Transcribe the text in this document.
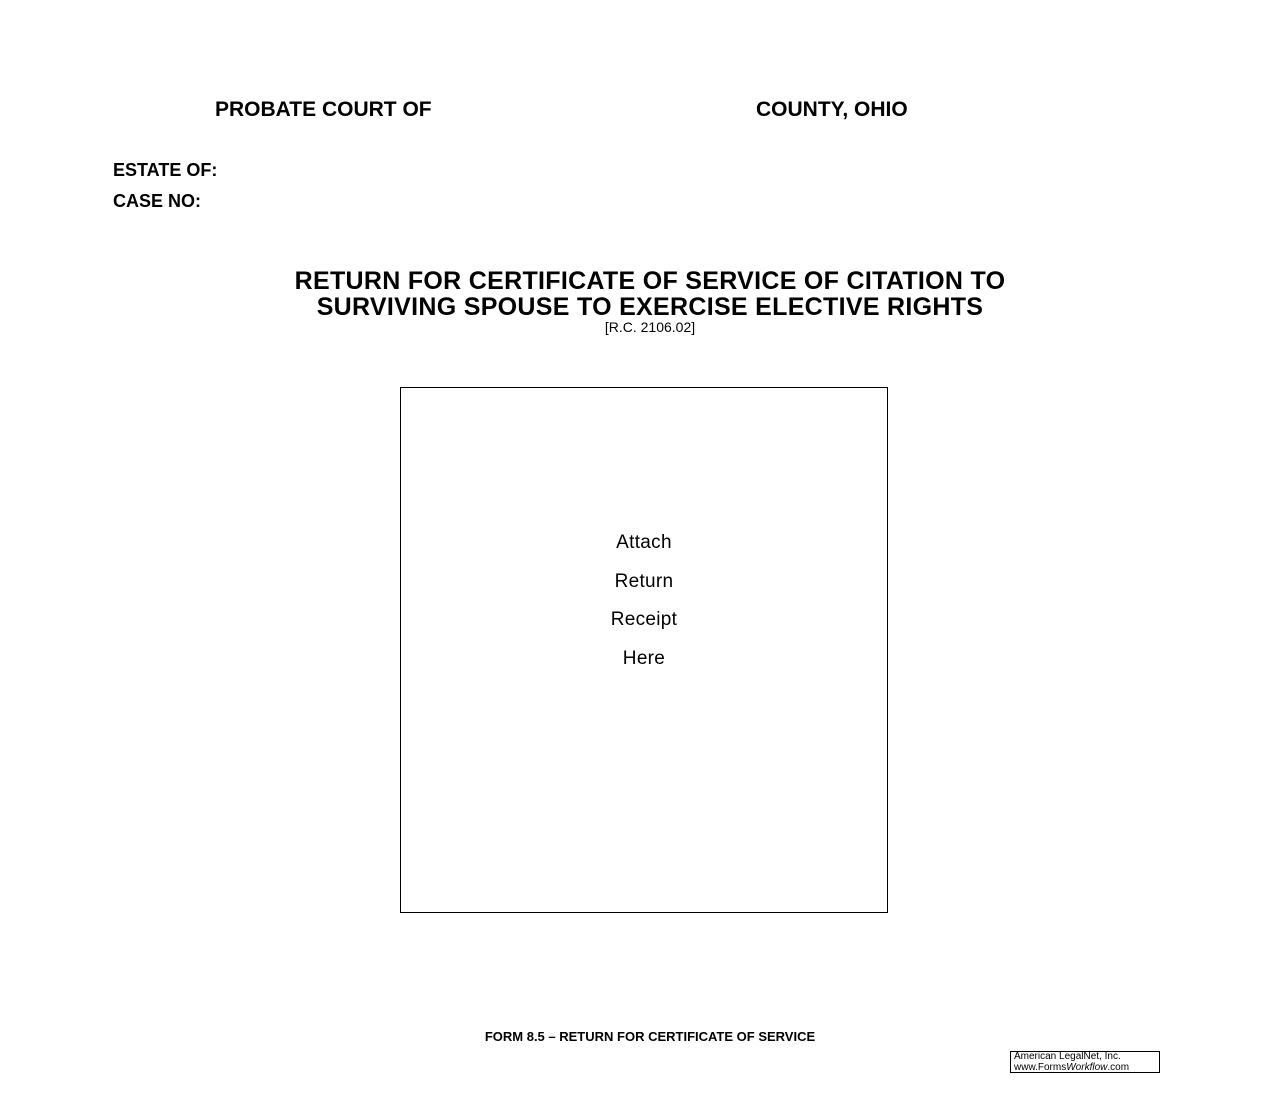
PROBATE COURT OF	COUNTY, OHIO
ESTATE OF:
CASE NO:
RETURN FOR CERTIFICATE OF SERVICE OF CITATION TO
SURVIVING SPOUSE TO EXERCISE ELECTIVE RIGHTS
[R.C. 2106.02]
Attach
Return
Receipt
Here
FORM 8.5 – RETURN FOR CERTIFICATE OF SERVICE
American LegalNet, Inc.
www.FormsWorkflow.com
